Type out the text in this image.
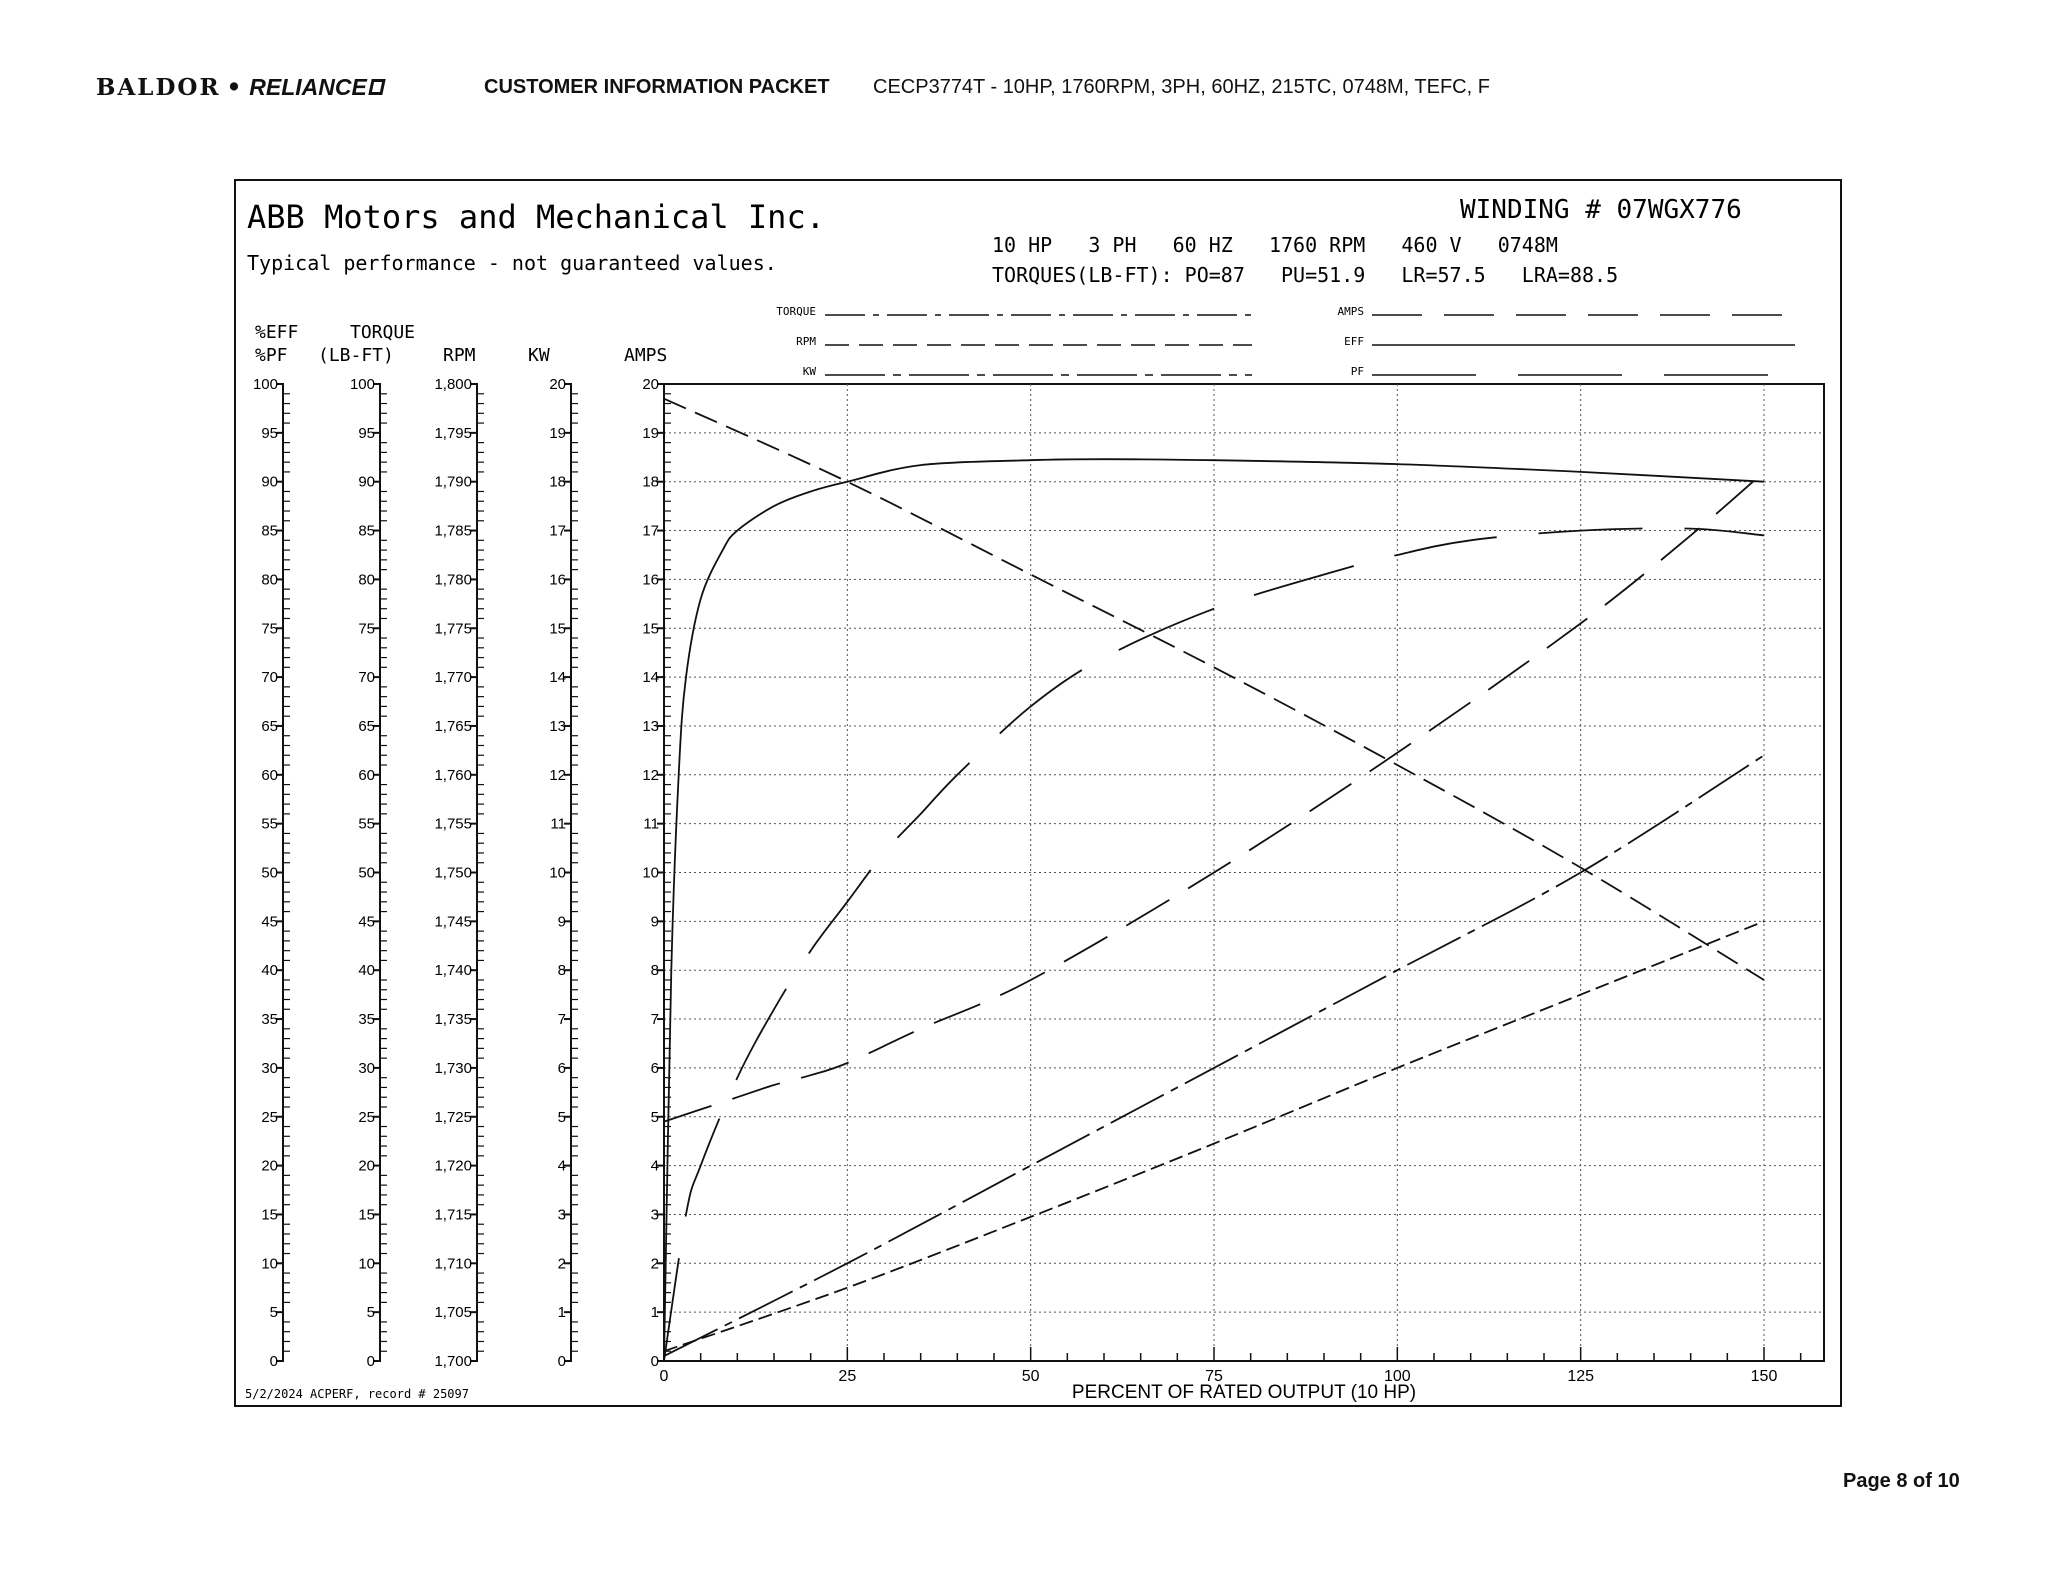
BALDOR • RELIANCE	CUSTOMER INFORMATION PACKET CECP3774T - 10HP, 1760RPM, 3PH, 60HZ, 215TC, 0748M, TEFC, F
ABB Motors and Mechanical Inc.
Typical performance - not guaranteed values.
WINDING # 07WGX776
10 HP   3 PH   60 HZ   1760 RPM   460 V   0748M
TORQUES(LB-FT): PO=87   PU=51.9   LR=57.5   LRA=88.5
5/2/2024 ACPERF, record # 25097	PERCENT OF RATED OUTPUT (10 HP)
TORQUE
RPM
KW
AMPS
EFF
PF
0
5
10
15
20
25
30
35
40
45
50
55
60
65
70
75
80
85
90
95
100
%EFF
%PF
0
5
10
15
20
25
30
35
40
45
50
55
60
65
70
75
80
85
90
95
100
TORQUE
(LB-FT)
1,700
1,705
1,710
1,715
1,720
1,725
1,730
1,735
1,740
1,745
1,750
1,755
1,760
1,765
1,770
1,775
1,780
1,785
1,790
1,795
1,800
RPM
0
1
2
3
4
5
6
7
8
9
10
11
12
13
14
15
16
17
18
19
20
KW
0
1
2
3
4
5
6
7
8
9
10
11
12
13
14
15
16
17
18
19
20
AMPS
0	25	50	75	100	125	150
Page 8 of 10
